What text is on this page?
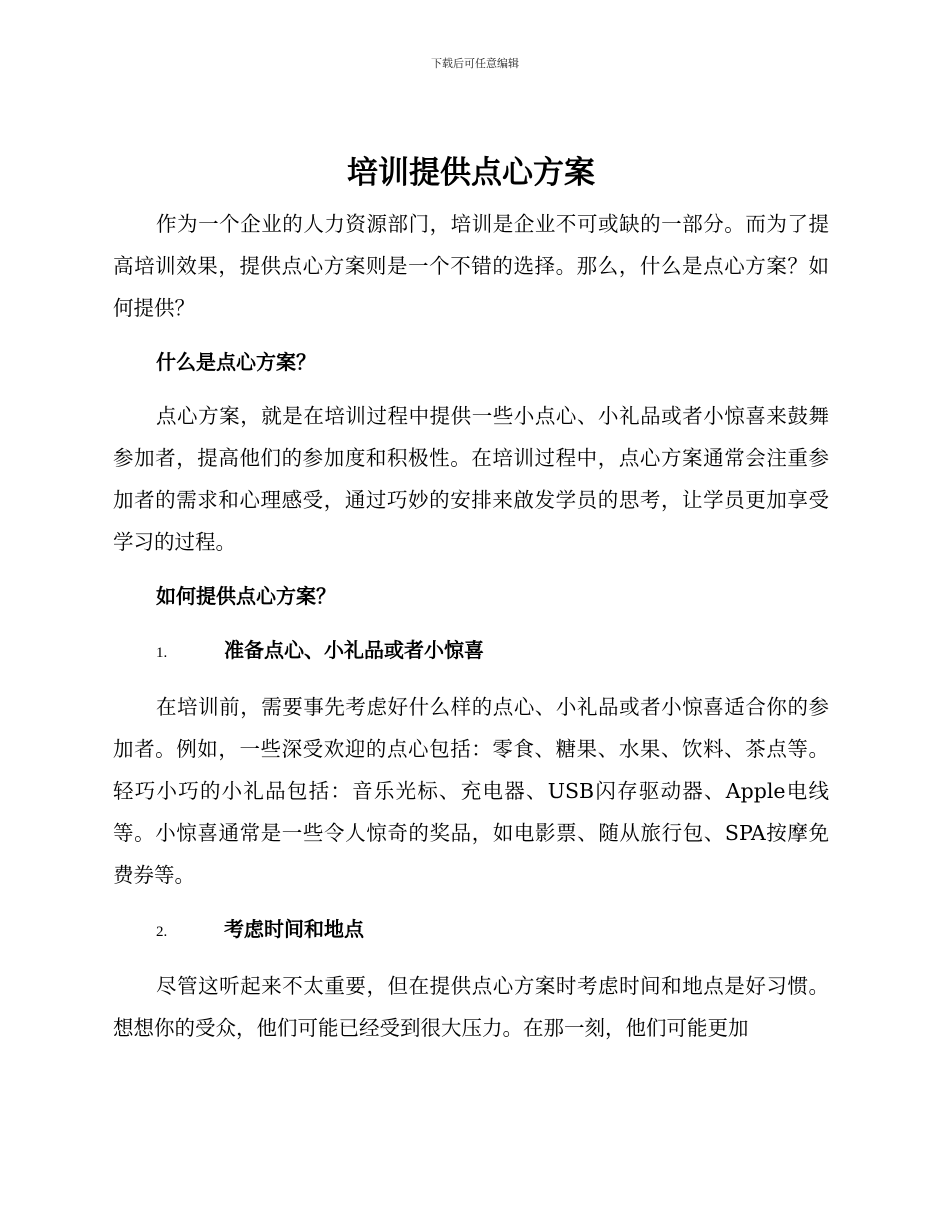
下载后可任意编辑
培训提供点心方案

作为一个企业的人力资源部门，培训是企业不可或缺的一部分。而为了提高培训效果，提供点心方案则是一个不错的选择。那么，什么是点心方案？如何提供？

什么是点心方案？

点心方案，就是在培训过程中提供一些小点心、小礼品或者小惊喜来鼓舞参加者，提高他们的参加度和积极性。在培训过程中，点心方案通常会注重参加者的需求和心理感受，通过巧妙的安排来啟发学员的思考，让学员更加享受学习的过程。

如何提供点心方案？
1.	准备点心、小礼品或者小惊喜

在培训前，需要事先考虑好什么样的点心、小礼品或者小惊喜适合你的参加者。例如，一些深受欢迎的点心包括：零食、糖果、水果、饮料、茶点等。轻巧小巧的小礼品包括：音乐光标、充电器、USB闪存驱动器、Apple电线等。小惊喜通常是一些令人惊奇的奖品，如电影票、随从旅行包、SPA按摩免费券等。

2.	考虑时间和地点

尽管这听起来不太重要，但在提供点心方案时考虑时间和地点是好习惯。想想你的受众，他们可能已经受到很大压力。在那一刻，他们可能更加
